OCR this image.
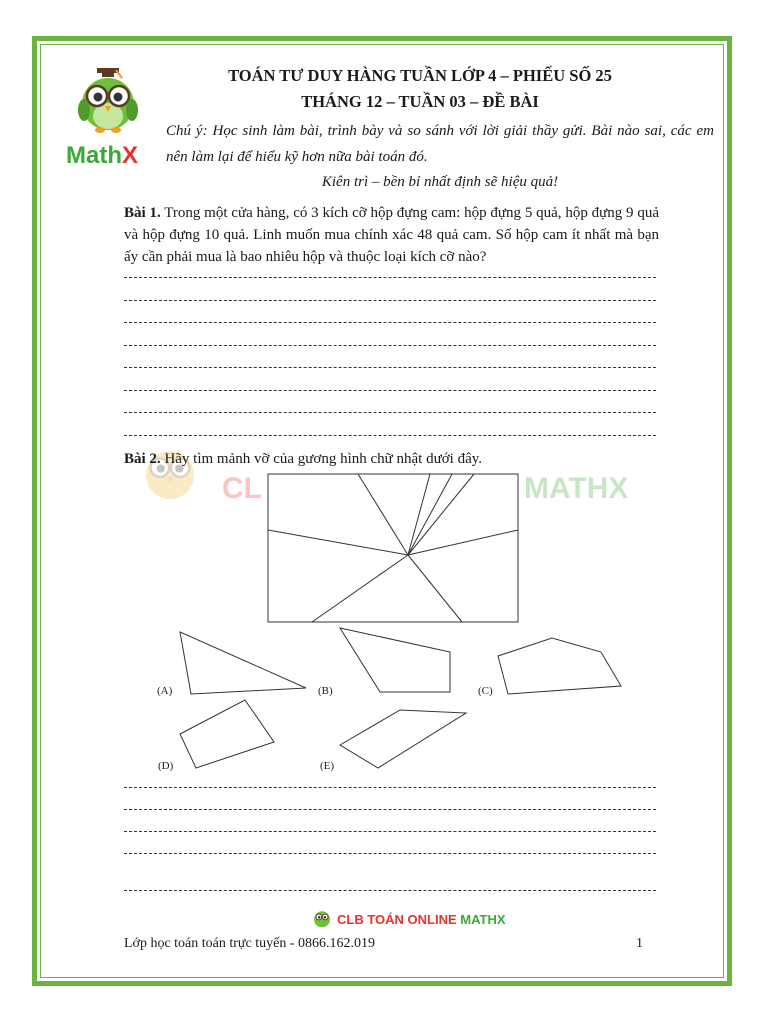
MathX
TOÁN TƯ DUY HÀNG TUẦN LỚP 4 – PHIẾU SỐ 25
THÁNG 12 – TUẦN 03 – ĐỀ BÀI
Chú ý: Học sinh làm bài, trình bày và so sánh với lời giải thầy gửi. Bài nào sai, các em nên làm lại để hiểu kỹ hơn nữa bài toán đó.
Kiên trì – bền bỉ nhất định sẽ hiệu quả!
Bài 1. Trong một cửa hàng, có 3 kích cỡ hộp đựng cam: hộp đựng 5 quả, hộp đựng 9 quả và hộp đựng 10 quả. Linh muốn mua chính xác 48 quả cam. Số hộp cam ít nhất mà bạn ấy cần phải mua là bao nhiêu hộp và thuộc loại kích cỡ nào?
CL	MATHX
Bài 2. Hãy tìm mảnh vỡ của gương hình chữ nhật dưới đây.
(A)	(B)	(C)
(D)	(E)
CLB TOÁN ONLINE MATHX
Lớp học toán toán trực tuyến - 0866.162.019	1
